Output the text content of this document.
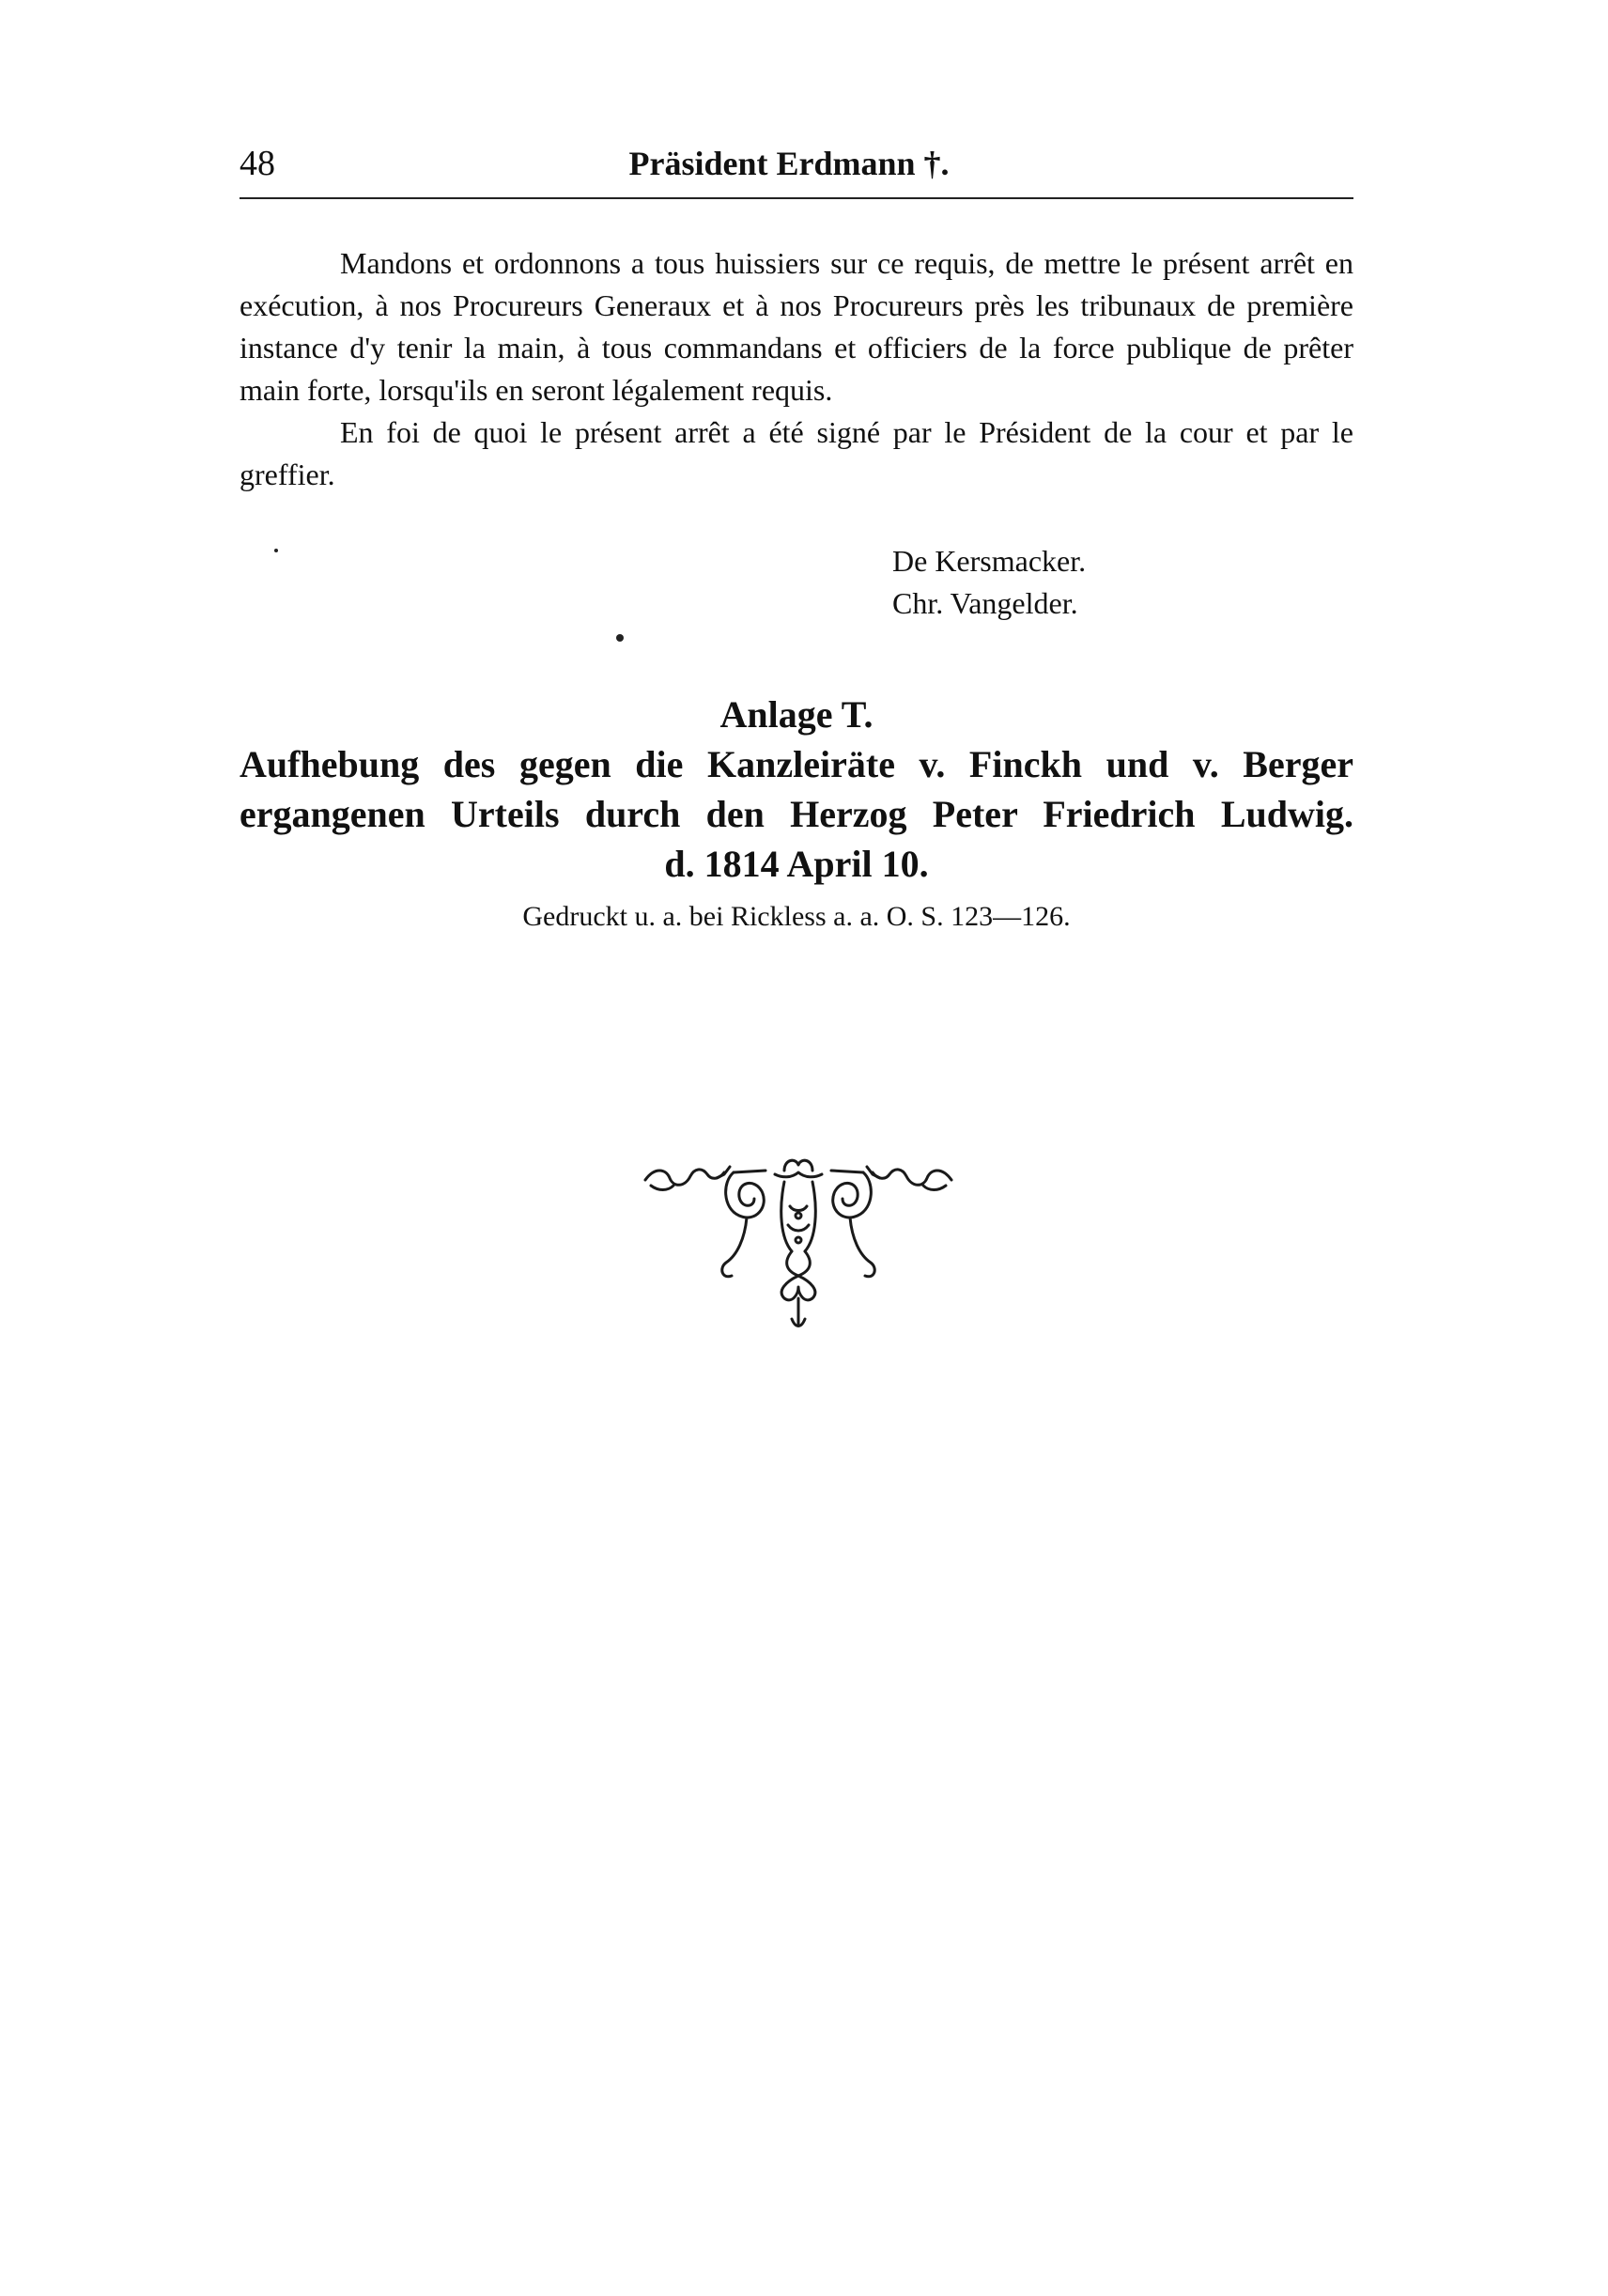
48	Präsident Erdmann †.

Mandons et ordonnons a tous huissiers sur ce requis, de mettre le présent arrêt en exécution, à nos Procureurs Generaux et à nos Procureurs près les tribunaux de première instance d'y tenir la main, à tous commandans et officiers de la force publique de prêter main forte, lorsqu'ils en seront légalement requis.

En foi de quoi le présent arrêt a été signé par le Président de la cour et par le greffier.

De Kersmacker.
Chr. Vangelder.
Anlage T.
Aufhebung des gegen die Kanzleiräte v. Finckh und v. Berger
ergangenen Urteils durch den Herzog Peter Friedrich Ludwig.
d. 1814 April 10.
Gedruckt u. a. bei Rickless a. a. O. S. 123—126.
